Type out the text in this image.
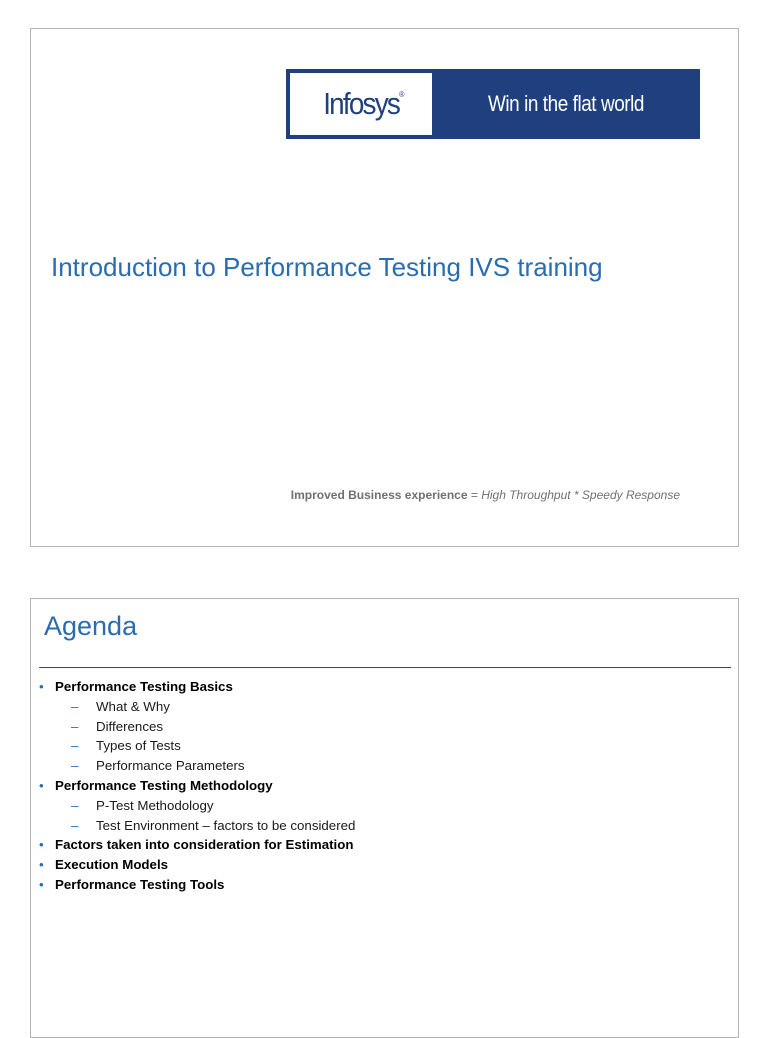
Infosys ®	Win in the flat world
Introduction to Performance Testing IVS training
Improved Business experience = High Throughput * Speedy Response
Agenda
• Performance Testing Basics
– What & Why
– Differences
– Types of Tests
– Performance Parameters
• Performance Testing Methodology
– P-Test Methodology
– Test Environment – factors to be considered
• Factors taken into consideration for Estimation
• Execution Models
• Performance Testing Tools
